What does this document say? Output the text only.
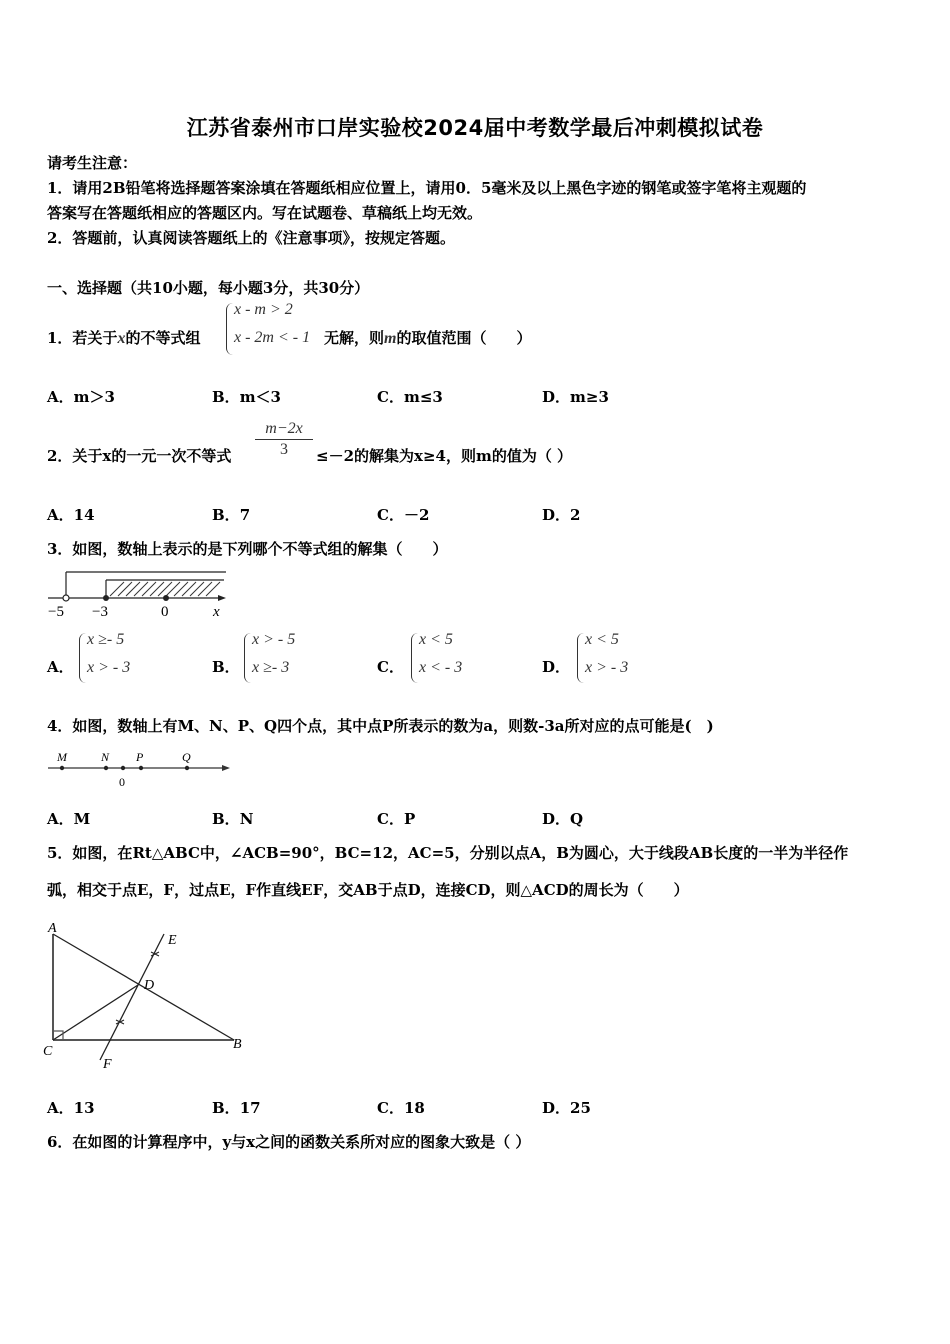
江苏省泰州市口岸实验校2024届中考数学最后冲刺模拟试卷
请考生注意：
1．请用2B铅笔将选择题答案涂填在答题纸相应位置上，请用0．5毫米及以上黑色字迹的钢笔或签字笔将主观题的
答案写在答题纸相应的答题区内。写在试题卷、草稿纸上均无效。
2．答题前，认真阅读答题纸上的《注意事项》，按规定答题。
一、选择题（共10小题，每小题3分，共30分）
1．若关于x的不等式组
x - m > 2
x - 2m < - 1 无解，则m的取值范围（　　）
A．m＞3	B．m＜3	C．m≤3	D．m≥3
2．关于x的一元一次不等式
m−2x
3	≤－2的解集为x≥4，则m的值为（ ）
A．14	B．7	C．－2	D．2
3．如图，数轴上表示的是下列哪个不等式组的解集（　　）
−5 −3	0	x
A．
x ≥- 5
x > - 3	B．
x > - 5
x ≥- 3	C．
x < 5
x < - 3	D．
x < 5
x > - 3
4．如图，数轴上有M、N、P、Q四个点，其中点P所表示的数为a，则数-3a所对应的点可能是(　)
M	N P	Q
0
A．M	B．N	C．P	D．Q
5．如图，在Rt△ABC中，∠ACB=90°，BC=12，AC=5，分别以点A，B为圆心，大于线段AB长度的一半为半径作
弧，相交于点E，F，过点E，F作直线EF，交AB于点D，连接CD，则△ACD的周长为（　　）
A
C	B
D
E
F
A．13	B．17	C．18	D．25
6．在如图的计算程序中，y与x之间的函数关系所对应的图象大致是（ ）
